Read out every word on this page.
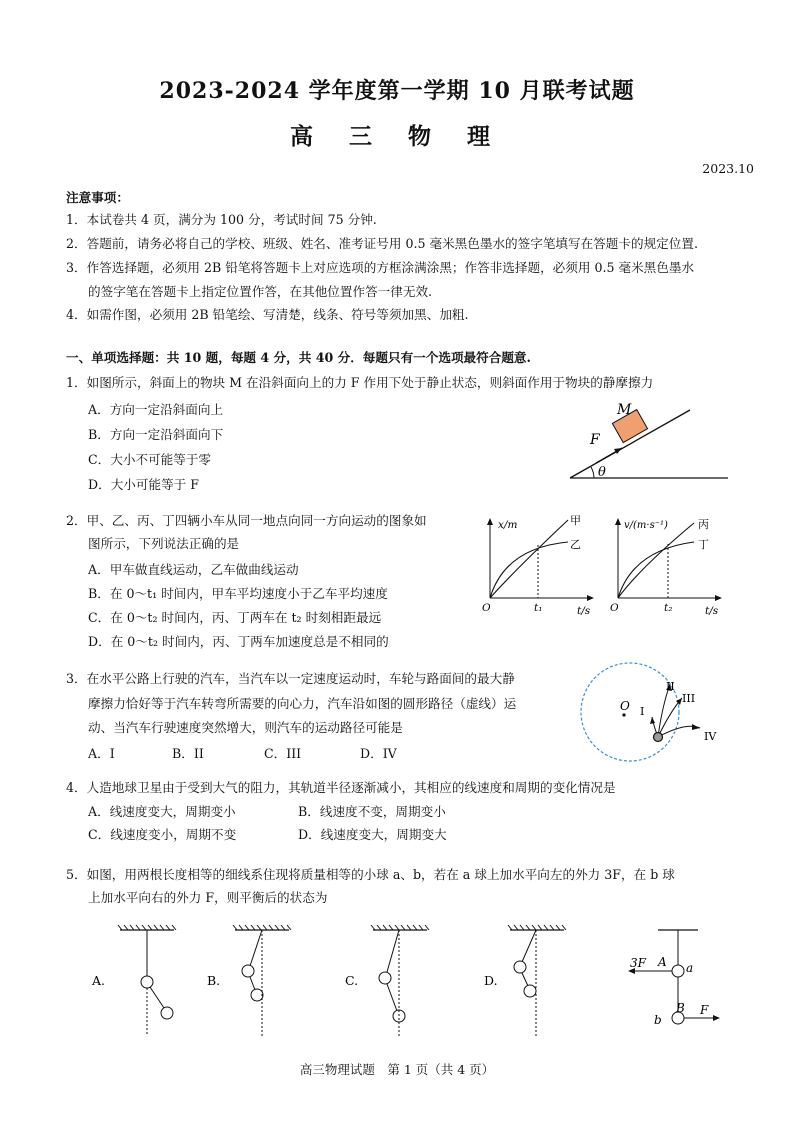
2023-2024 学年度第一学期 10 月联考试题
高 三 物 理
2023.10
注意事项：
1．本试卷共 4 页，满分为 100 分，考试时间 75 分钟.
2．答题前，请务必将自己的学校、班级、姓名、准考证号用 0.5 毫米黑色墨水的签字笔填写在答题卡的规定位置.
3．作答选择题，必须用 2B 铅笔将答题卡上对应选项的方框涂满涂黑；作答非选择题，必须用 0.5 毫米黑色墨水
的签字笔在答题卡上指定位置作答，在其他位置作答一律无效.
4．如需作图，必须用 2B 铅笔绘、写清楚，线条、符号等须加黑、加粗.
一、单项选择题：共 10 题，每题 4 分，共 40 分．每题只有一个选项最符合题意.
1．如图所示，斜面上的物块 M 在沿斜面向上的力 F 作用下处于静止状态，则斜面作用于物块的静摩擦力
A．方向一定沿斜面向上
B．方向一定沿斜面向下
C．大小不可能等于零
D．大小可能等于 F
M
F
θ
2．甲、乙、丙、丁四辆小车从同一地点向同一方向运动的图象如
图所示，下列说法正确的是
A．甲车做直线运动，乙车做曲线运动
B．在 0～t₁ 时间内，甲车平均速度小于乙车平均速度
C．在 0～t₂ 时间内，丙、丁两车在 t₂ 时刻相距最远
D．在 0～t₂ 时间内，丙、丁两车加速度总是不相同的
x/m
t/s
O	t₁
甲
乙
v/(m·s⁻¹)
t/s
O	t₂
丙
丁
3．在水平公路上行驶的汽车，当汽车以一定速度运动时，车轮与路面间的最大静
摩擦力恰好等于汽车转弯所需要的向心力，汽车沿如图的圆形路径（虚线）运
动、当汽车行驶速度突然增大，则汽车的运动路径可能是
A．I	B．II	C．III	D．IV
O I
II
III
IV
4．人造地球卫星由于受到大气的阻力，其轨道半径逐渐减小，其相应的线速度和周期的变化情况是
A．线速度变大，周期变小	B．线速度不变，周期变小
C．线速度变小，周期不变	D．线速度变大，周期变大
5．如图，用两根长度相等的细线系住现将质量相等的小球 a、b，若在 a 球上加水平向左的外力 3F，在 b 球
上加水平向右的外力 F，则平衡后的状态为
A.	B.	C.	D.
3F A a
B
b
F
高三物理试题　第 1 页（共 4 页）
